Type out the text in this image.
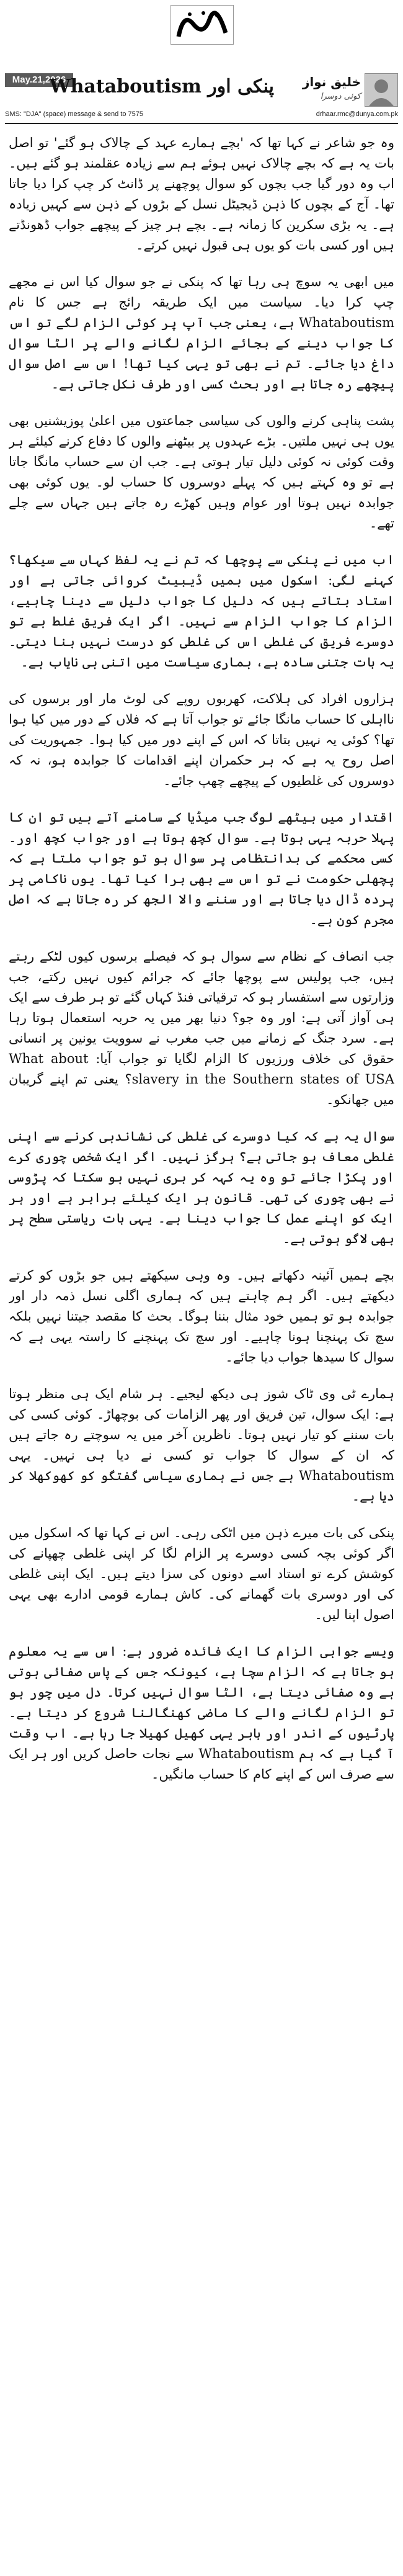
May.21,2026
پنکی اور Whataboutism خلیق نواز
کوئی دوسرا
SMS: "DJA" (space) message & send to 7575	drhaar.rmc@dunya.com.pk

وہ جو شاعر نے کہا تھا کہ 'بچے ہمارے عہد کے چالاک ہو گئے' تو اصل بات یہ ہے کہ بچے چالاک نہیں ہوئے ہم سے زیادہ عقلمند ہو گئے ہیں۔ اب وہ دور گیا جب بچوں کو سوال پوچھنے پر ڈانٹ کر چپ کرا دیا جاتا تھا۔ آج کے بچوں کا ذہن ڈیجیٹل نسل کے بڑوں کے ذہن سے کہیں زیادہ ہے۔ یہ بڑی سکرین کا زمانہ ہے۔ بچے ہر چیز کے پیچھے جواب ڈھونڈتے ہیں اور کسی بات کو یوں ہی قبول نہیں کرتے۔

میں ابھی یہ سوچ ہی رہا تھا کہ پنکی نے جو سوال کیا اس نے مجھے چپ کرا دیا۔ سیاست میں ایک طریقہ رائج ہے جس کا نام Whataboutism ہے، یعنی جب آپ پر کوئی الزام لگے تو اس کا جواب دینے کے بجائے الزام لگانے والے پر الٹا سوال داغ دیا جائے۔ تم نے بھی تو یہی کیا تھا! اس سے اصل سوال پیچھے رہ جاتا ہے اور بحث کسی اور طرف نکل جاتی ہے۔

پشت پناہی کرنے والوں کی سیاسی جماعتوں میں اعلیٰ پوزیشنیں بھی یوں ہی نہیں ملتیں۔ بڑے عہدوں پر بیٹھنے والوں کا دفاع کرنے کیلئے ہر وقت کوئی نہ کوئی دلیل تیار ہوتی ہے۔ جب ان سے حساب مانگا جاتا ہے تو وہ کہتے ہیں کہ پہلے دوسروں کا حساب لو۔ یوں کوئی بھی جوابدہ نہیں ہوتا اور عوام وہیں کھڑے رہ جاتے ہیں جہاں سے چلے تھے۔

اب میں نے پنکی سے پوچھا کہ تم نے یہ لفظ کہاں سے سیکھا؟ کہنے لگی: اسکول میں ہمیں ڈیبیٹ کروائی جاتی ہے اور استاد بتاتے ہیں کہ دلیل کا جواب دلیل سے دینا چاہیے، الزام کا جواب الزام سے نہیں۔ اگر ایک فریق غلط ہے تو دوسرے فریق کی غلطی اس کی غلطی کو درست نہیں بنا دیتی۔ یہ بات جتنی سادہ ہے، ہماری سیاست میں اتنی ہی نایاب ہے۔

ہزاروں افراد کی ہلاکت، کھربوں روپے کی لوٹ مار اور برسوں کی نااہلی کا حساب مانگا جائے تو جواب آتا ہے کہ فلاں کے دور میں کیا ہوا تھا؟ کوئی یہ نہیں بتاتا کہ اس کے اپنے دور میں کیا ہوا۔ جمہوریت کی اصل روح یہ ہے کہ ہر حکمران اپنے اقدامات کا جوابدہ ہو، نہ کہ دوسروں کی غلطیوں کے پیچھے چھپ جائے۔

اقتدار میں بیٹھے لوگ جب میڈیا کے سامنے آتے ہیں تو ان کا پہلا حربہ یہی ہوتا ہے۔ سوال کچھ ہوتا ہے اور جواب کچھ اور۔ کسی محکمے کی بدانتظامی پر سوال ہو تو جواب ملتا ہے کہ پچھلی حکومت نے تو اس سے بھی برا کیا تھا۔ یوں ناکامی پر پردہ ڈال دیا جاتا ہے اور سننے والا الجھ کر رہ جاتا ہے کہ اصل مجرم کون ہے۔

جب انصاف کے نظام سے سوال ہو کہ فیصلے برسوں کیوں لٹکے رہتے ہیں، جب پولیس سے پوچھا جائے کہ جرائم کیوں نہیں رکتے، جب وزارتوں سے استفسار ہو کہ ترقیاتی فنڈ کہاں گئے تو ہر طرف سے ایک ہی آواز آتی ہے: اور وہ جو؟ دنیا بھر میں یہ حربہ استعمال ہوتا رہا ہے۔ سرد جنگ کے زمانے میں جب مغرب نے سوویت یونین پر انسانی حقوق کی خلاف ورزیوں کا الزام لگایا تو جواب آیا: What about slavery in the Southern states of USA؟ یعنی تم اپنے گریبان میں جھانکو۔

سوال یہ ہے کہ کیا دوسرے کی غلطی کی نشاندہی کرنے سے اپنی غلطی معاف ہو جاتی ہے؟ ہرگز نہیں۔ اگر ایک شخص چوری کرے اور پکڑا جائے تو وہ یہ کہہ کر بری نہیں ہو سکتا کہ پڑوسی نے بھی چوری کی تھی۔ قانون ہر ایک کیلئے برابر ہے اور ہر ایک کو اپنے عمل کا جواب دینا ہے۔ یہی بات ریاستی سطح پر بھی لاگو ہوتی ہے۔

بچے ہمیں آئینہ دکھاتے ہیں۔ وہ وہی سیکھتے ہیں جو بڑوں کو کرتے دیکھتے ہیں۔ اگر ہم چاہتے ہیں کہ ہماری اگلی نسل ذمہ دار اور جوابدہ ہو تو ہمیں خود مثال بننا ہوگا۔ بحث کا مقصد جیتنا نہیں بلکہ سچ تک پہنچنا ہونا چاہیے۔ اور سچ تک پہنچنے کا راستہ یہی ہے کہ سوال کا سیدھا جواب دیا جائے۔

ہمارے ٹی وی ٹاک شوز ہی دیکھ لیجیے۔ ہر شام ایک ہی منظر ہوتا ہے: ایک سوال، تین فریق اور پھر الزامات کی بوچھاڑ۔ کوئی کسی کی بات سننے کو تیار نہیں ہوتا۔ ناظرین آخر میں یہ سوچتے رہ جاتے ہیں کہ ان کے سوال کا جواب تو کسی نے دیا ہی نہیں۔ یہی Whataboutism ہے جس نے ہماری سیاسی گفتگو کو کھوکھلا کر دیا ہے۔

پنکی کی بات میرے ذہن میں اٹکی رہی۔ اس نے کہا تھا کہ اسکول میں اگر کوئی بچہ کسی دوسرے پر الزام لگا کر اپنی غلطی چھپانے کی کوشش کرے تو استاد اسے دونوں کی سزا دیتے ہیں۔ ایک اپنی غلطی کی اور دوسری بات گھمانے کی۔ کاش ہمارے قومی ادارے بھی یہی اصول اپنا لیں۔

ویسے جوابی الزام کا ایک فائدہ ضرور ہے: اس سے یہ معلوم ہو جاتا ہے کہ الزام سچا ہے، کیونکہ جس کے پاس صفائی ہوتی ہے وہ صفائی دیتا ہے، الٹا سوال نہیں کرتا۔ دل میں چور ہو تو الزام لگانے والے کا ماضی کھنگالنا شروع کر دیتا ہے۔ پارٹیوں کے اندر اور باہر یہی کھیل کھیلا جا رہا ہے۔ اب وقت آ گیا ہے کہ ہم Whataboutism سے نجات حاصل کریں اور ہر ایک سے صرف اس کے اپنے کام کا حساب مانگیں۔
